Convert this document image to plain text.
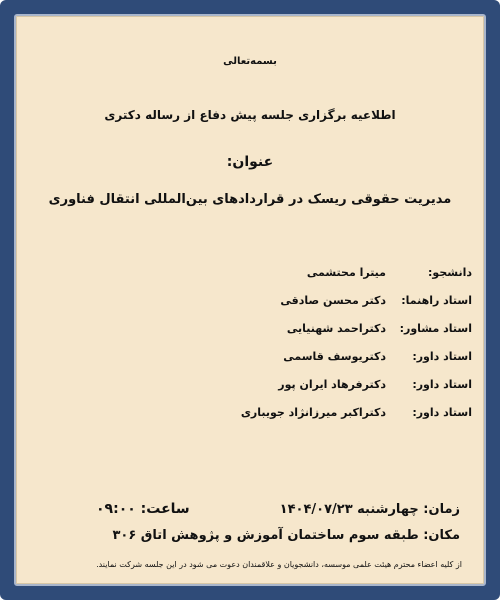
بسمه‌تعالی
اطلاعیه برگزاری جلسه پیش دفاع از رساله دکتری
عنوان:
مدیریت حقوقی ریسک در قراردادهای بین‌المللی انتقال فناوری
دانشجو:
میترا محتشمی
استاد راهنما:
دکتر محسن صادقی
استاد مشاور:
دکتراحمد شهنیایی
استاد داور:
دکتریوسف قاسمی
استاد داور:
دکترفرهاد ایران پور
استاد داور:
دکتراکبر میرزانژاد جویباری
زمان: چهارشنبه ۱۴۰۴/۰۷/۲۳
ساعت: ۰۹:۰۰
مکان: طبقه سوم ساختمان آموزش و پژوهش اتاق ۳۰۶
از کلیه اعضاء محترم هیئت علمی موسسه، دانشجویان و علاقمندان دعوت می شود در این جلسه شرکت نمایند.
